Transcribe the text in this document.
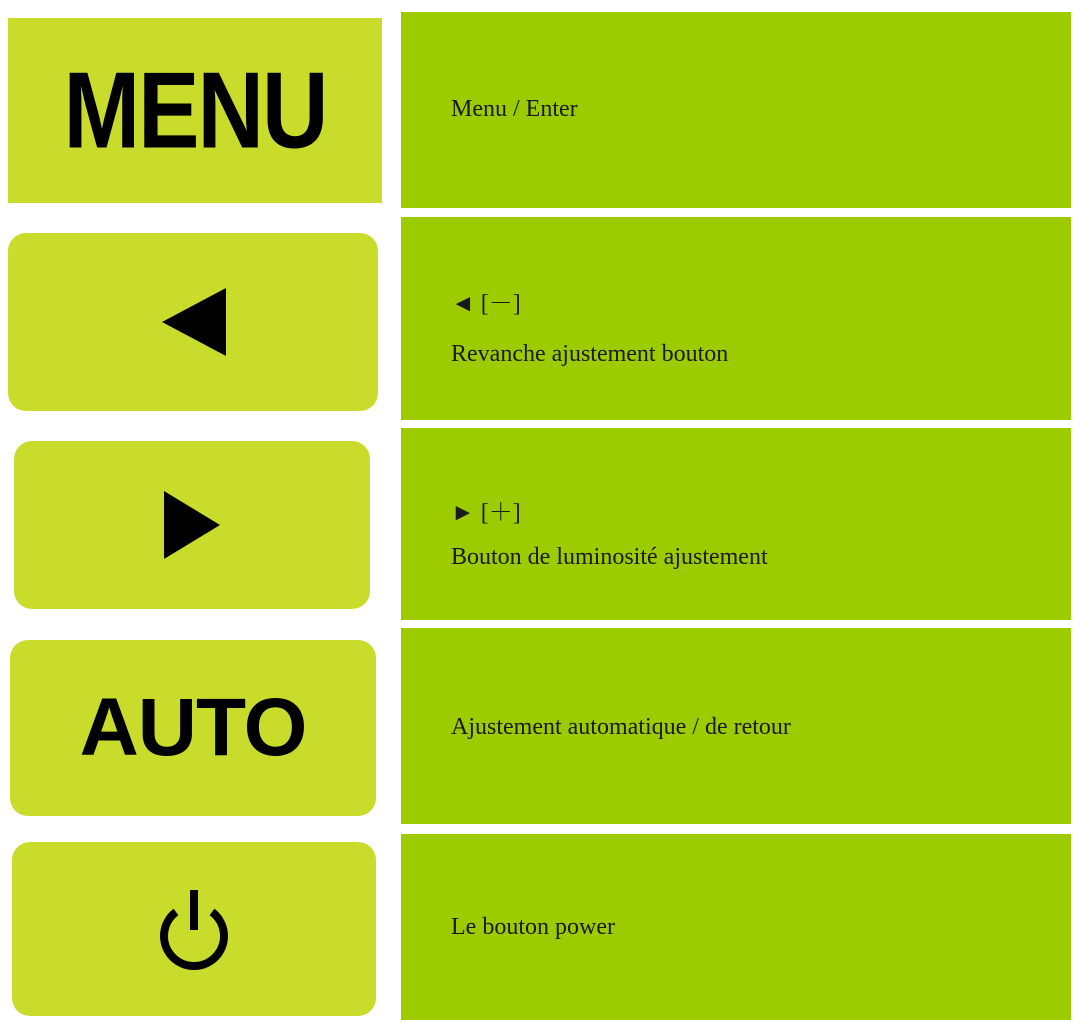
MENU	Menu / Enter
◄ [－]
Revanche ajustement bouton
► [＋]
Bouton de luminosité ajustement
AUTO	Ajustement automatique / de retour
Le bouton power
